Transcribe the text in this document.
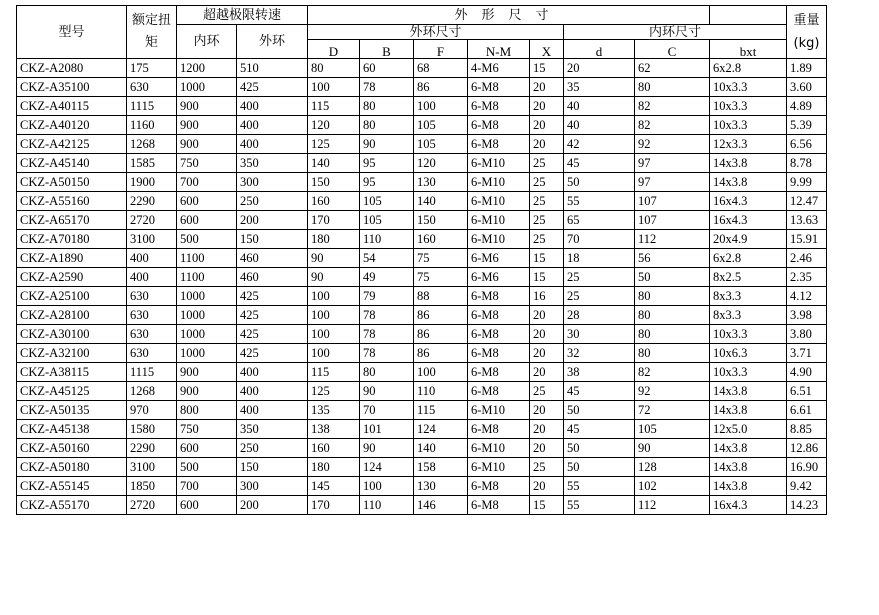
型号	额定扭矩	超越极限转速		外形尺寸								重量
(kg)

		内环	外环	外环尺寸					内环尺寸			
				D	B	F	N-M	X	d	C	bxt	
CKZ-A2080	175	1200	510	80	60	68	4-M6	15	20	62	6x2.8	1.89
CKZ-A35100	630	1000	425	100	78	86	6-M8	20	35	80	10x3.3	3.60
CKZ-A40115	1115	900	400	115	80	100	6-M8	20	40	82	10x3.3	4.89
CKZ-A40120	1160	900	400	120	80	105	6-M8	20	40	82	10x3.3	5.39
CKZ-A42125	1268	900	400	125	90	105	6-M8	20	42	92	12x3.3	6.56
CKZ-A45140	1585	750	350	140	95	120	6-M10	25	45	97	14x3.8	8.78
CKZ-A50150	1900	700	300	150	95	130	6-M10	25	50	97	14x3.8	9.99
CKZ-A55160	2290	600	250	160	105	140	6-M10	25	55	107	16x4.3	12.47
CKZ-A65170	2720	600	200	170	105	150	6-M10	25	65	107	16x4.3	13.63
CKZ-A70180	3100	500	150	180	110	160	6-M10	25	70	112	20x4.9	15.91
CKZ-A1890	400	1100	460	90	54	75	6-M6	15	18	56	6x2.8	2.46
CKZ-A2590	400	1100	460	90	49	75	6-M6	15	25	50	8x2.5	2.35
CKZ-A25100	630	1000	425	100	79	88	6-M8	16	25	80	8x3.3	4.12
CKZ-A28100	630	1000	425	100	78	86	6-M8	20	28	80	8x3.3	3.98
CKZ-A30100	630	1000	425	100	78	86	6-M8	20	30	80	10x3.3	3.80
CKZ-A32100	630	1000	425	100	78	86	6-M8	20	32	80	10x6.3	3.71
CKZ-A38115	1115	900	400	115	80	100	6-M8	20	38	82	10x3.3	4.90
CKZ-A45125	1268	900	400	125	90	110	6-M8	25	45	92	14x3.8	6.51
CKZ-A50135	970	800	400	135	70	115	6-M10	20	50	72	14x3.8	6.61
CKZ-A45138	1580	750	350	138	101	124	6-M8	20	45	105	12x5.0	8.85
CKZ-A50160	2290	600	250	160	90	140	6-M10	20	50	90	14x3.8	12.86
CKZ-A50180	3100	500	150	180	124	158	6-M10	25	50	128	14x3.8	16.90
CKZ-A55145	1850	700	300	145	100	130	6-M8	20	55	102	14x3.8	9.42
CKZ-A55170	2720	600	200	170	110	146	6-M8	15	55	112	16x4.3	14.23
